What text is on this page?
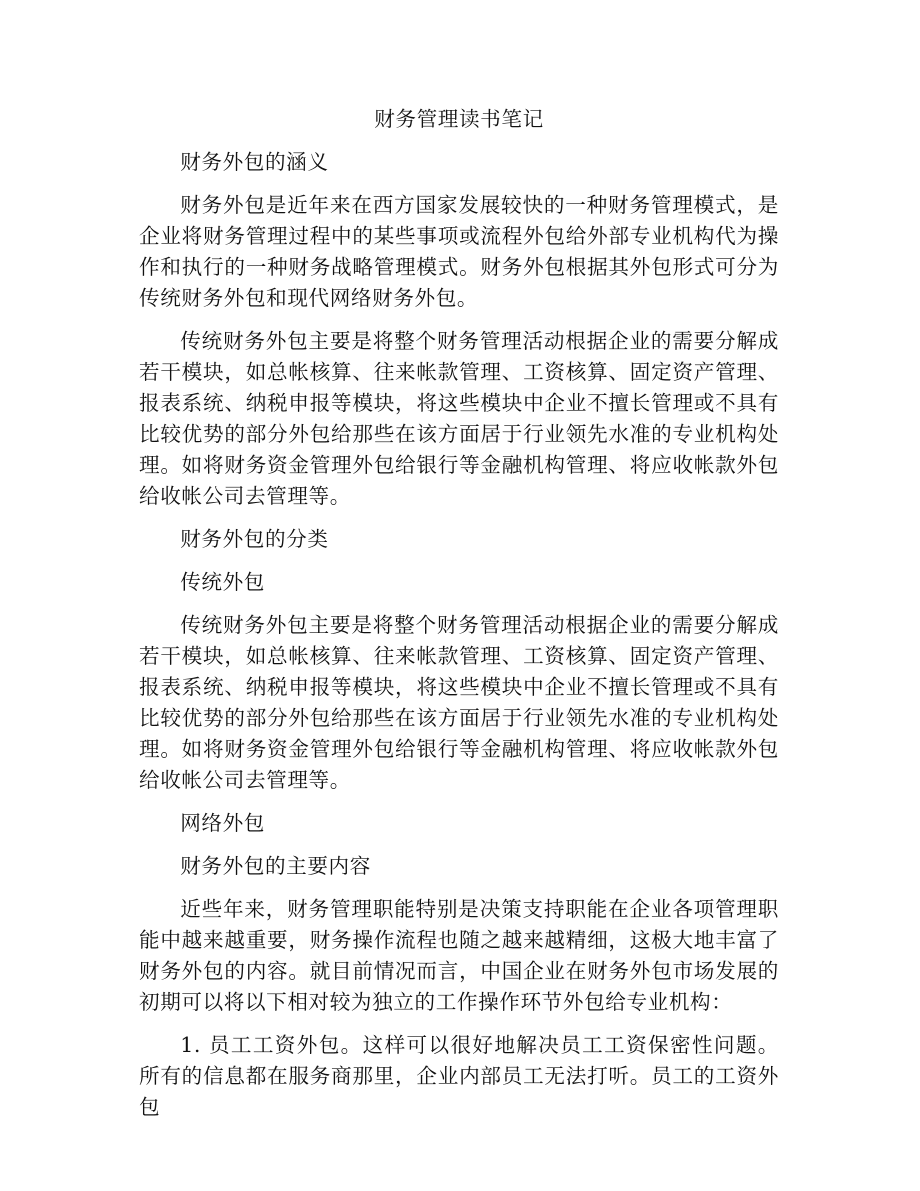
财务管理读书笔记

财务外包的涵义

财务外包是近年来在西方国家发展较快的一种财务管理模式，是企业将财务管理过程中的某些事项或流程外包给外部专业机构代为操作和执行的一种财务战略管理模式。财务外包根据其外包形式可分为传统财务外包和现代网络财务外包。

传统财务外包主要是将整个财务管理活动根据企业的需要分解成若干模块，如总帐核算、往来帐款管理、工资核算、固定资产管理、报表系统、纳税申报等模块，将这些模块中企业不擅长管理或不具有比较优势的部分外包给那些在该方面居于行业领先水准的专业机构处理。如将财务资金管理外包给银行等金融机构管理、将应收帐款外包给收帐公司去管理等。

财务外包的分类

传统外包

传统财务外包主要是将整个财务管理活动根据企业的需要分解成若干模块，如总帐核算、往来帐款管理、工资核算、固定资产管理、报表系统、纳税申报等模块，将这些模块中企业不擅长管理或不具有比较优势的部分外包给那些在该方面居于行业领先水准的专业机构处理。如将财务资金管理外包给银行等金融机构管理、将应收帐款外包给收帐公司去管理等。

网络外包

财务外包的主要内容

近些年来，财务管理职能特别是决策支持职能在企业各项管理职能中越来越重要，财务操作流程也随之越来越精细，这极大地丰富了财务外包的内容。就目前情况而言，中国企业在财务外包市场发展的初期可以将以下相对较为独立的工作操作环节外包给专业机构：

1. 员工工资外包。这样可以很好地解决员工工资保密性问题。所有的信息都在服务商那里，企业内部员工无法打听。员工的工资外包
